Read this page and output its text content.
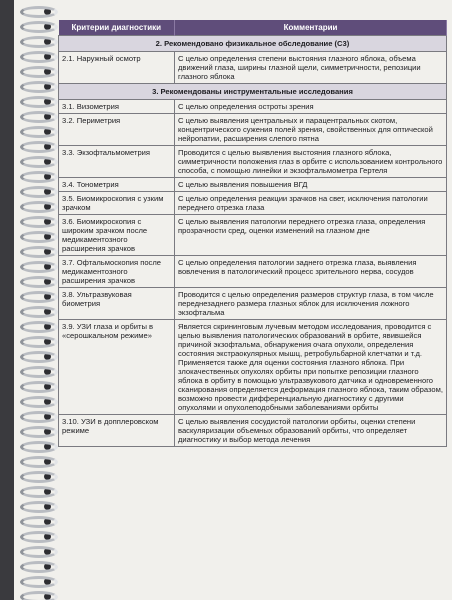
Критерии диагностики	Комментарии
2. Рекомендовано физикальное обследование (С3)	
2.1. Наружный осмотр	С целью определения степени выстояния глазного яблока, объема движений глаза, ширины глазной щели, симметричности, репозиции глазного яблока
3. Рекомендованы инструментальные исследования	
3.1. Визометрия	С целью определения остроты зрения
3.2. Периметрия	С целью выявления центральных и парацентральных скотом, концентрического сужения полей зрения, свойственных для оптической нейропатии, расширения слепого пятна
3.3. Экзофтальмометрия	Проводится с целью выявления выстояния глазного яблока, симметричности положения глаз в орбите с использованием контрольного способа, с помощью линейки и экзофтальмометра Гертеля
3.4. Тонометрия	С целью выявления повышения ВГД
3.5. Биомикроскопия с узким зрачком	С целью определения реакции зрачков на свет, исключения патологии переднего отрезка глаза
3.6. Биомикроскопия с широким зрачком после медикаментозного расширения зрачков	С целью выявления патологии переднего отрезка глаза, определения прозрачности сред, оценки изменений на глазном дне
3.7. Офтальмоскопия после медикаментозного расширения зрачков	С целью определения патологии заднего отрезка глаза, выявления вовлечения в патологический процесс зрительного нерва, сосудов
3.8. Ультразвуковая биометрия	Проводится с целью определения размеров структур глаза, в том числе переднезаднего размера глазных яблок для исключения ложного экзофтальма
3.9. УЗИ глаза и орбиты в «серошкальном режиме»	Является скрининговым лучевым методом исследования, проводится с целью выявления патологических образований в орбите, явившейся причиной экзофтальма, обнаружения очага опухоли, определения состояния экстраокулярных мышц, ретробульбарной клетчатки и т.д. Применяется также для оценки состояния глазного яблока. При злокачественных опухолях орбиты при попытке репозиции глазного яблока в орбиту в помощью ультразвукового датчика и одновременного сканирования определяется деформация глазного яблока, таким образом, возможно провести дифференциальную диагностику с другими опухолями и опухолеподобными заболеваниями орбиты
3.10. УЗИ в допплеровском режиме	С целью выявления сосудистой патологии орбиты, оценки степени васкуляризации объемных образований орбиты, что определяет диагностику и выбор метода лечения
